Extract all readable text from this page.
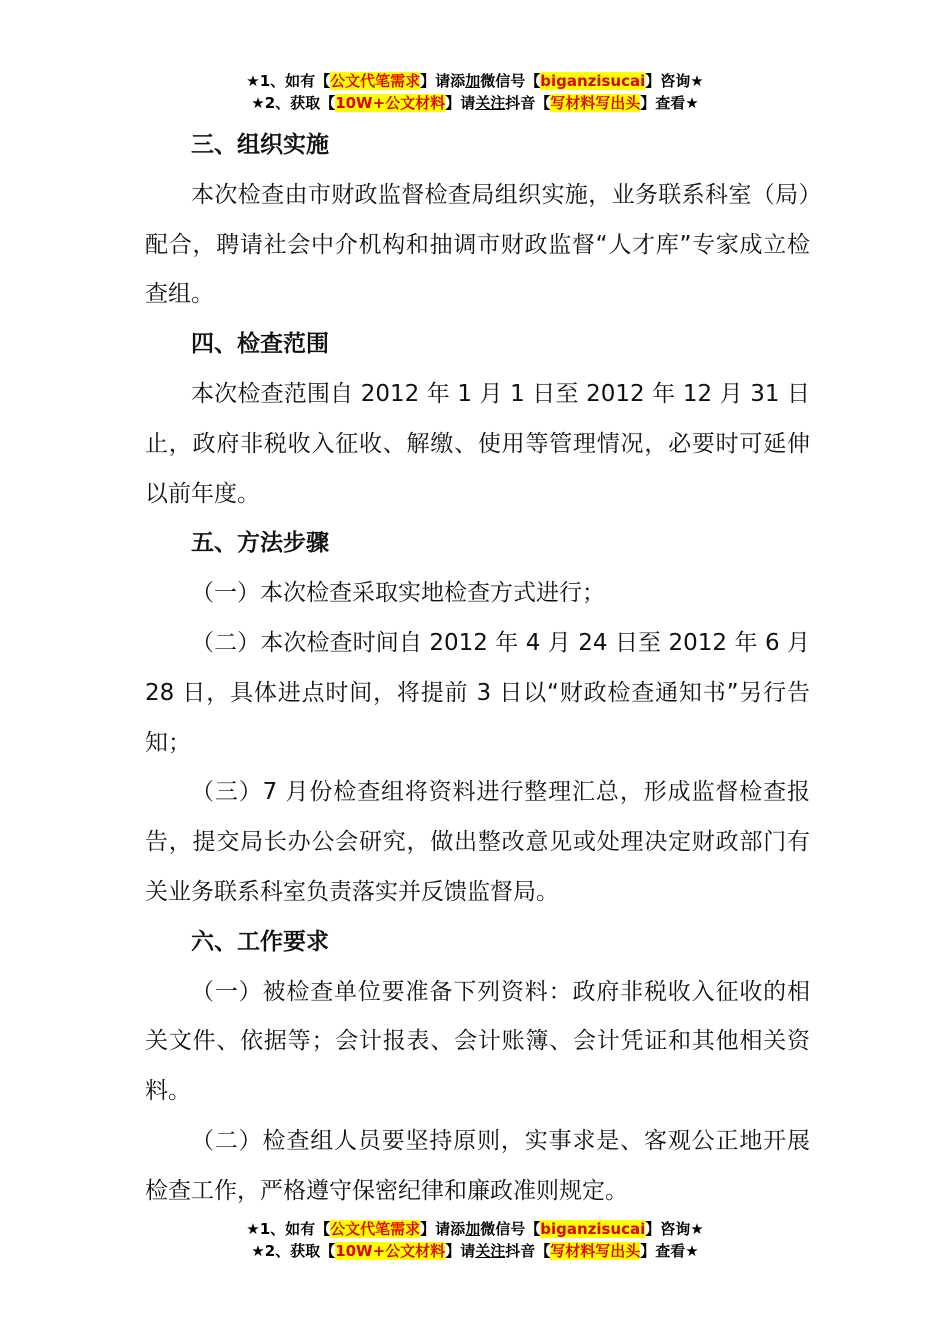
★1、如有【公文代笔需求】请添加微信号【biganzisucai】咨询★
★2、获取【10W+公文材料】请关注抖音【写材料写出头】查看★
三、组织实施

本次检查由市财政监督检查局组织实施，业务联系科室（局）配合，聘请社会中介机构和抽调市财政监督“人才库”专家成立检查组。

四、检查范围

本次检查范围自 2012 年 1 月 1 日至 2012 年 12 月 31 日止，政府非税收入征收、解缴、使用等管理情况，必要时可延伸以前年度。

五、方法步骤

（一）本次检查采取实地检查方式进行；

（二）本次检查时间自 2012 年 4 月 24 日至 2012 年 6 月 28 日，具体进点时间，将提前 3 日以“财政检查通知书”另行告知；

（三）7 月份检查组将资料进行整理汇总，形成监督检查报告，提交局长办公会研究，做出整改意见或处理决定财政部门有关业务联系科室负责落实并反馈监督局。

六、工作要求

（一）被检查单位要准备下列资料：政府非税收入征收的相关文件、依据等；会计报表、会计账簿、会计凭证和其他相关资料。

（二）检查组人员要坚持原则，实事求是、客观公正地开展检查工作，严格遵守保密纪律和廉政准则规定。

★1、如有【公文代笔需求】请添加微信号【biganzisucai】咨询★
★2、获取【10W+公文材料】请关注抖音【写材料写出头】查看★
